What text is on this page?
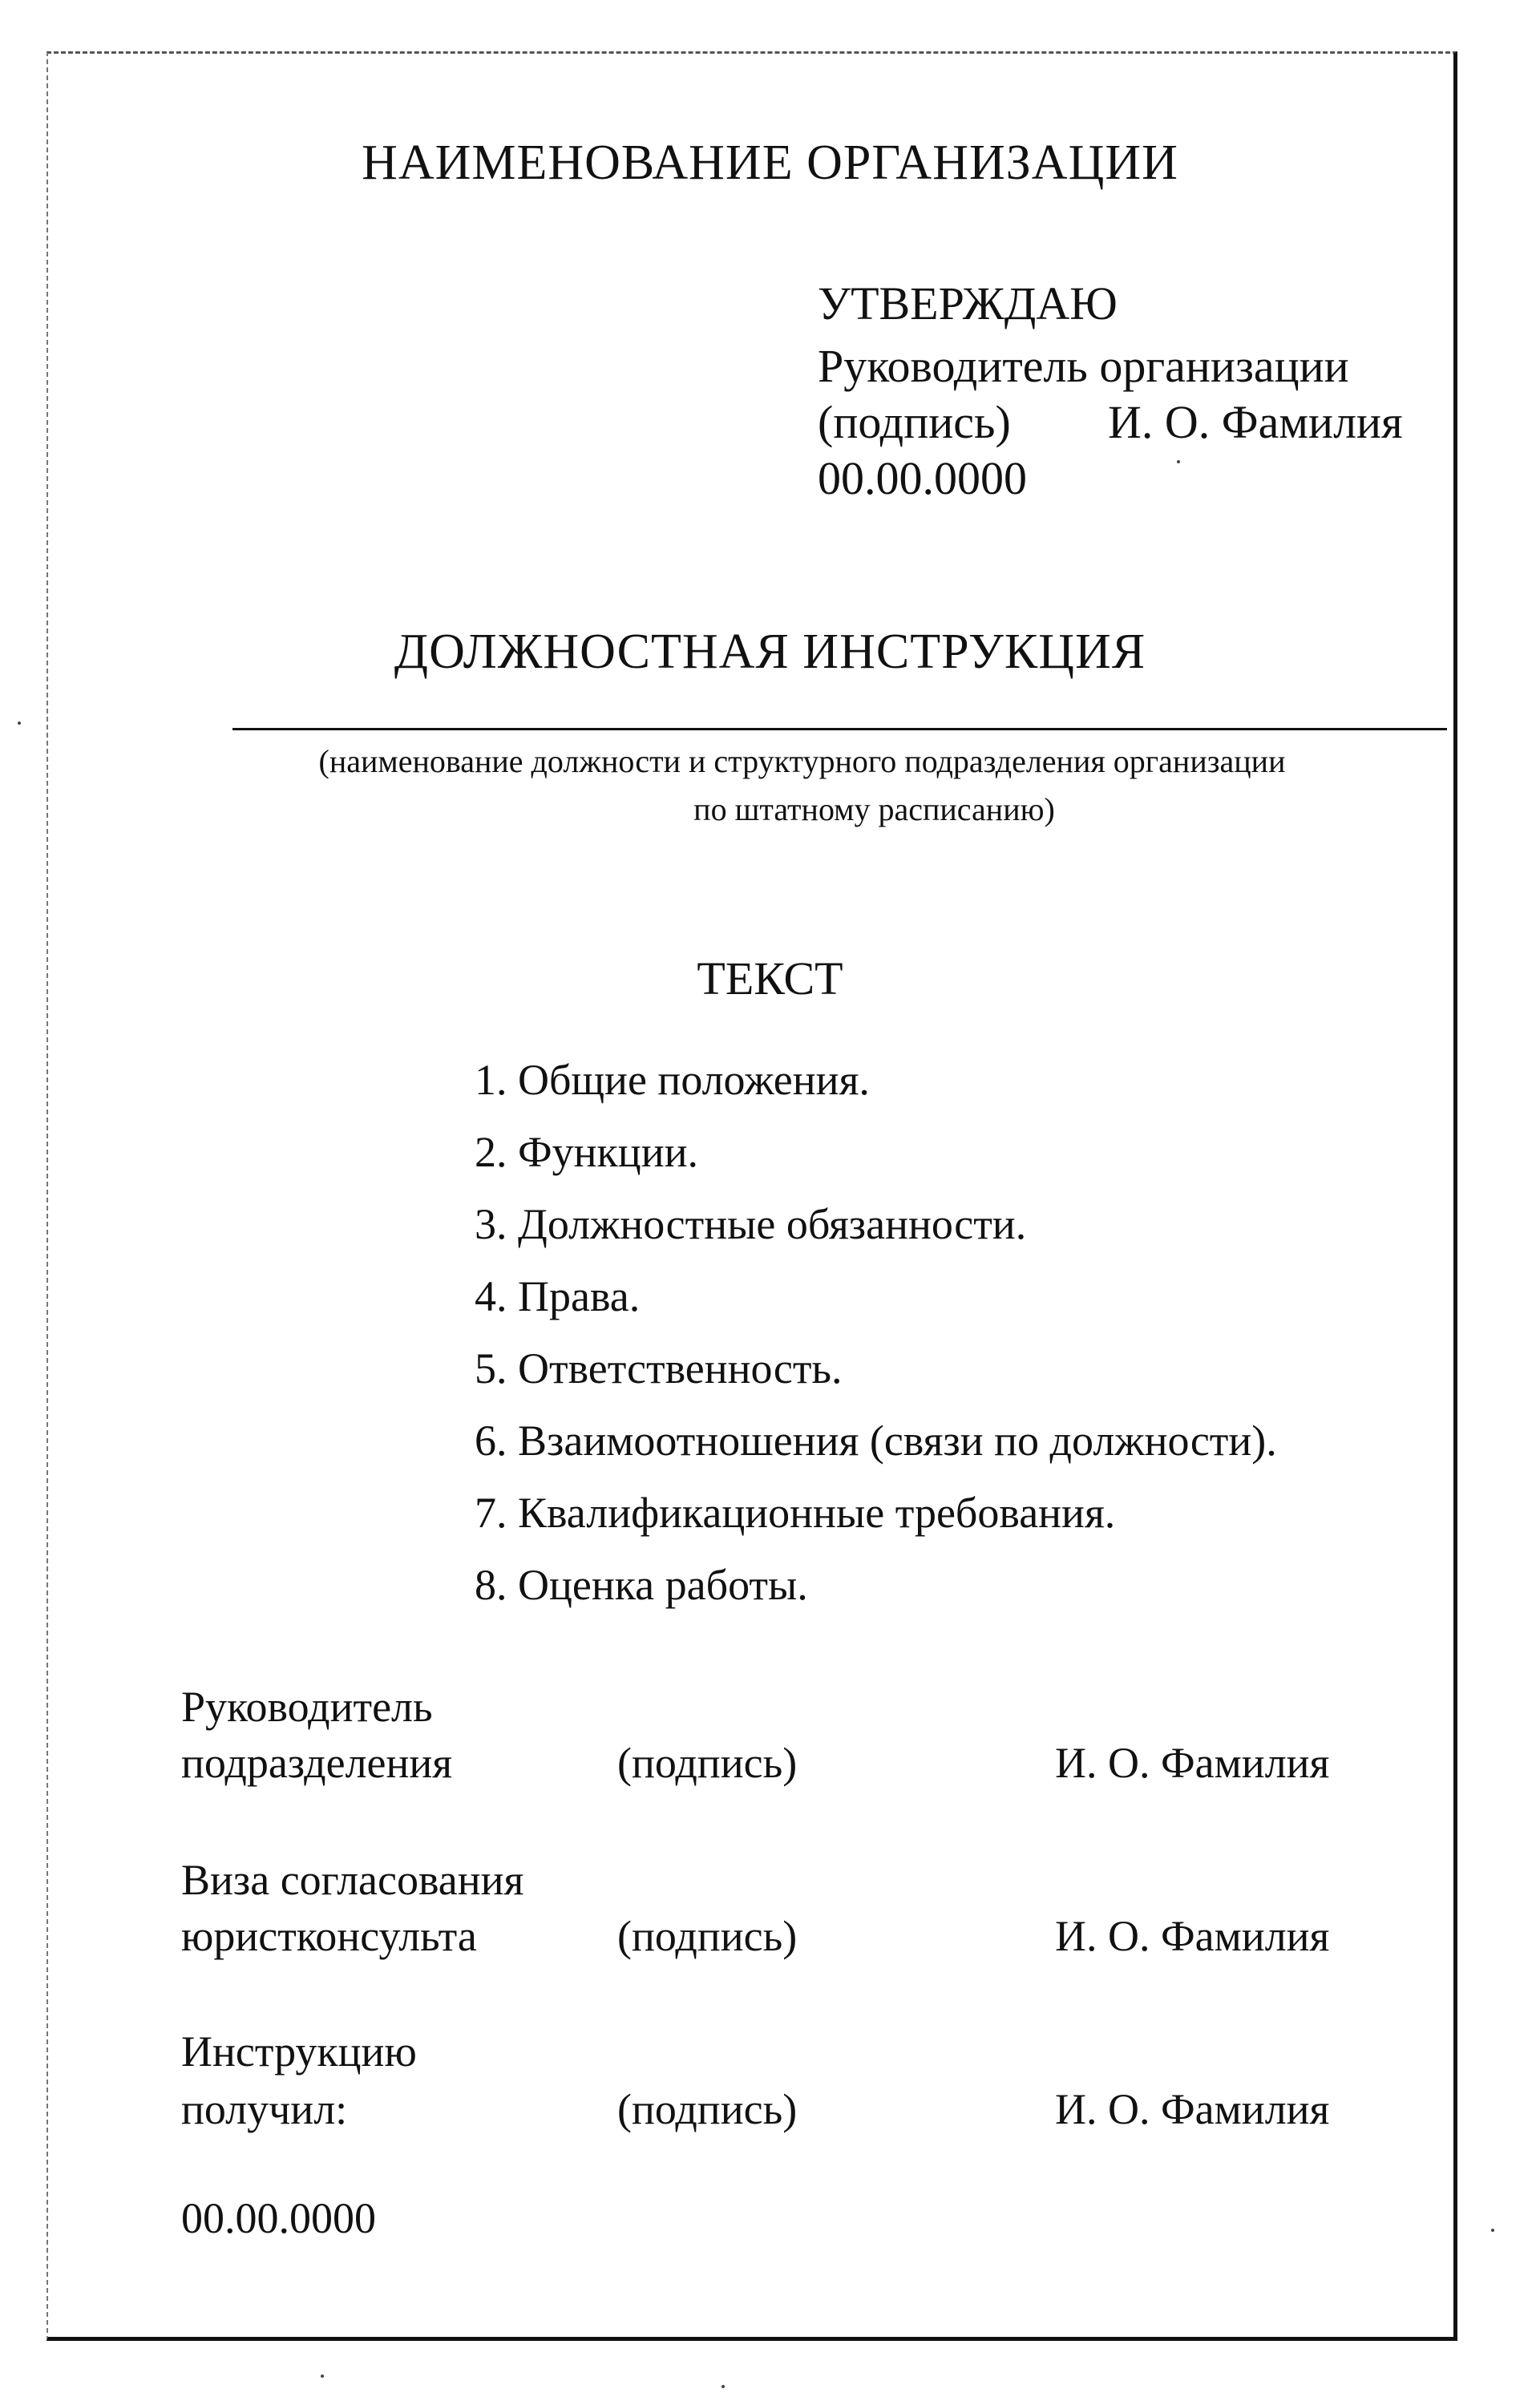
НАИМЕНОВАНИЕ ОРГАНИЗАЦИИ
УТВЕРЖДАЮ
Руководитель организации
(подпись) И. О. Фамилия
00.00.0000
ДОЛЖНОСТНАЯ ИНСТРУКЦИЯ
(наименование должности и структурного подразделения организации
по штатному расписанию)
ТЕКСТ
1. Общие положения.
2. Функции.
3. Должностные обязанности.
4. Права.
5. Ответственность.
6. Взаимоотношения (связи по должности).
7. Квалификационные требования.
8. Оценка работы.
Руководитель
подразделения	(подпись)	И. О. Фамилия
Виза согласования
юристконсульта	(подпись)	И. О. Фамилия
Инструкцию
получил:	(подпись)	И. О. Фамилия
00.00.0000
